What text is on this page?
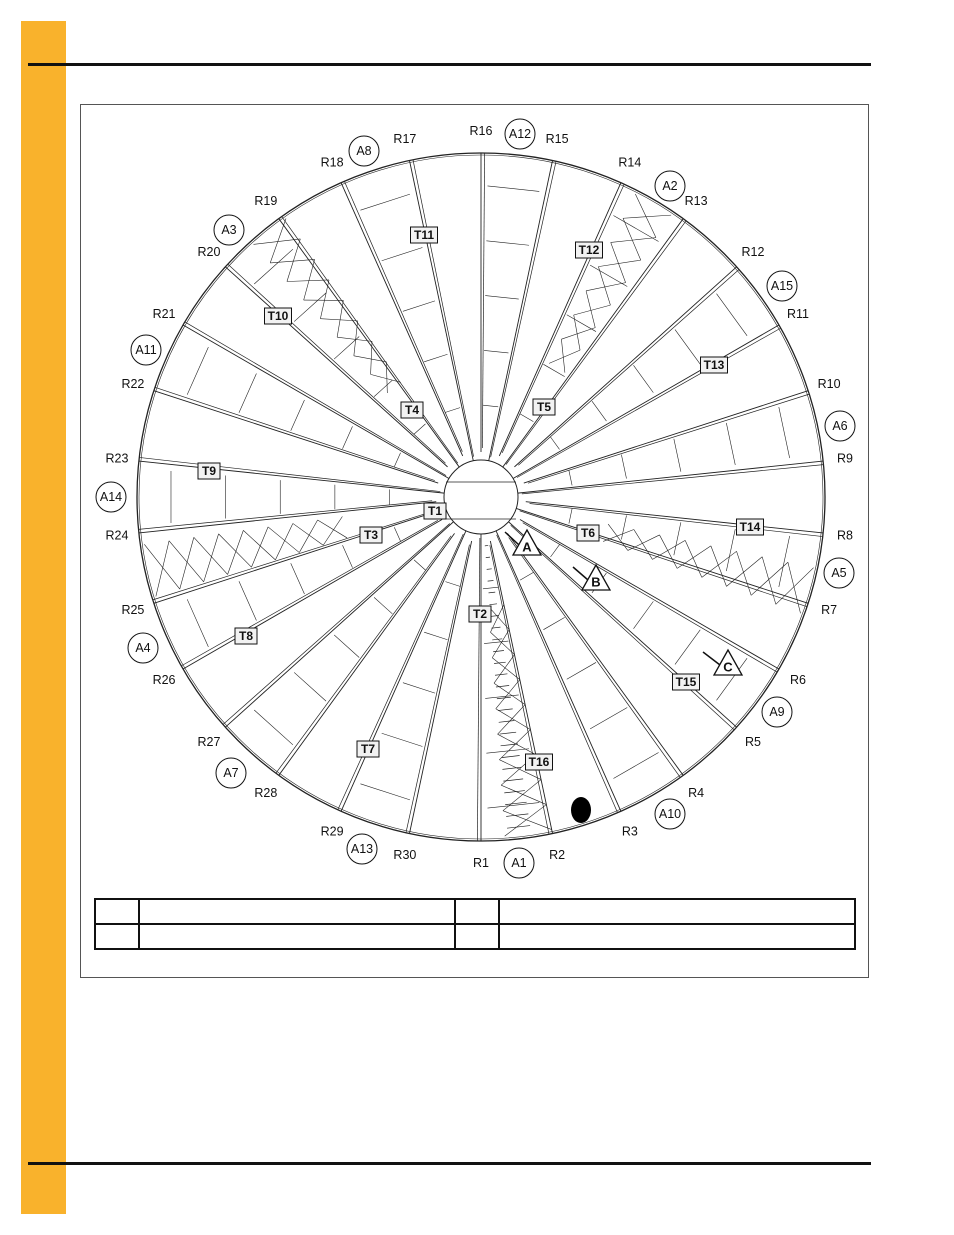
R1
R2
R3
R4
R5
R6
R7
R8
R9
R10
R11
R12
R13
R14
R15
R16
R17
R18
R19
R20
R21
R22
R23
R24
R25
R26
R27
R28
R29
R30
T1
T2
T3
T4	T5
T6
T7
T8
T9
T10
T11
T12
T13
T14
T15
T16
A1
A2
A3
A4
A5
A6
A7
A8
A9
A10
A11
A12
A13
A14
A15
A
B
C
